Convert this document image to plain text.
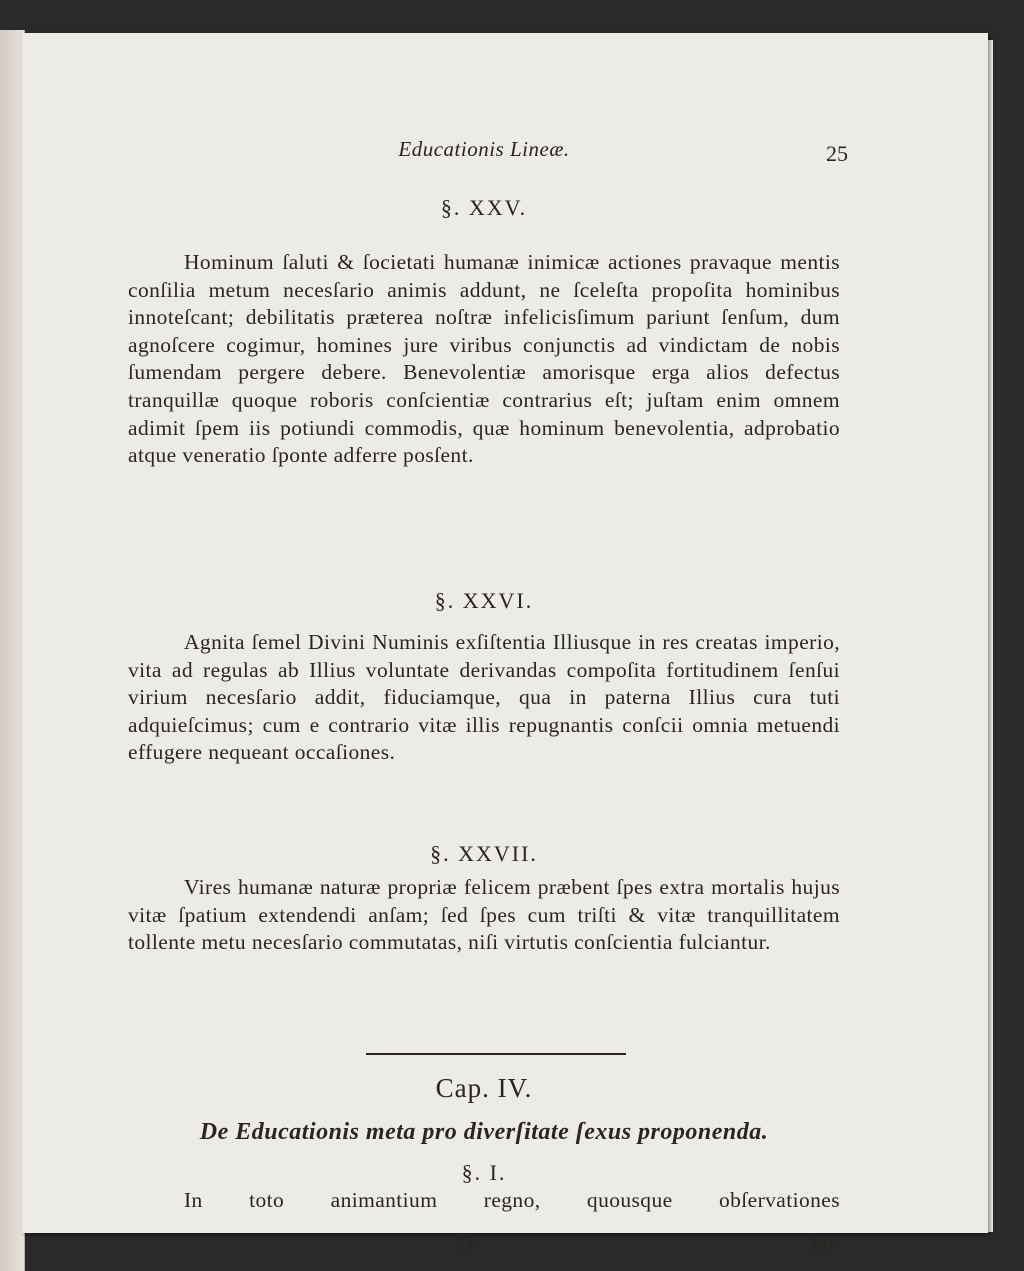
Educationis Lineæ.	25
§. XXV.
Hominum ſaluti & ſocietati humanæ inimicæ actiones pravaque mentis conſilia metum necesſario animis addunt, ne ſceleſta propoſita hominibus innoteſcant; debilitatis præterea noſtræ infelicisſimum pariunt ſenſum, dum agnoſcere cogimur, homines jure viribus conjunctis ad vindictam de nobis ſumendam pergere debere. Benevolentiæ amorisque erga alios defectus tranquillæ quoque roboris conſcientiæ contrarius eſt; juſtam enim omnem adimit ſpem iis potiundi commodis, quæ hominum benevolentia, adprobatio atque veneratio ſponte adferre posſent.
§. XXVI.
Agnita ſemel Divini Numinis exſiſtentia Illiusque in res creatas imperio, vita ad regulas ab Illius voluntate derivandas compoſita fortitudinem ſenſui virium necesſario addit, fiduciamque, qua in paterna Illius cura tuti adquieſcimus; cum e contrario vitæ illis repugnantis conſcii omnia metuendi effugere nequeant occaſiones.
§. XXVII.
Vires humanæ naturæ propriæ felicem præbent ſpes extra mortalis hujus vitæ ſpatium extendendi anſam; ſed ſpes cum triſti & vitæ tranquillitatem tollente metu necesſario commutatas, niſi virtutis conſcientia fulciantur.
Cap. IV.
De Educationis meta pro diverſitate ſexus proponenda.
§. I.
In toto animantium regno, quousque obſervationes
D	ho-
